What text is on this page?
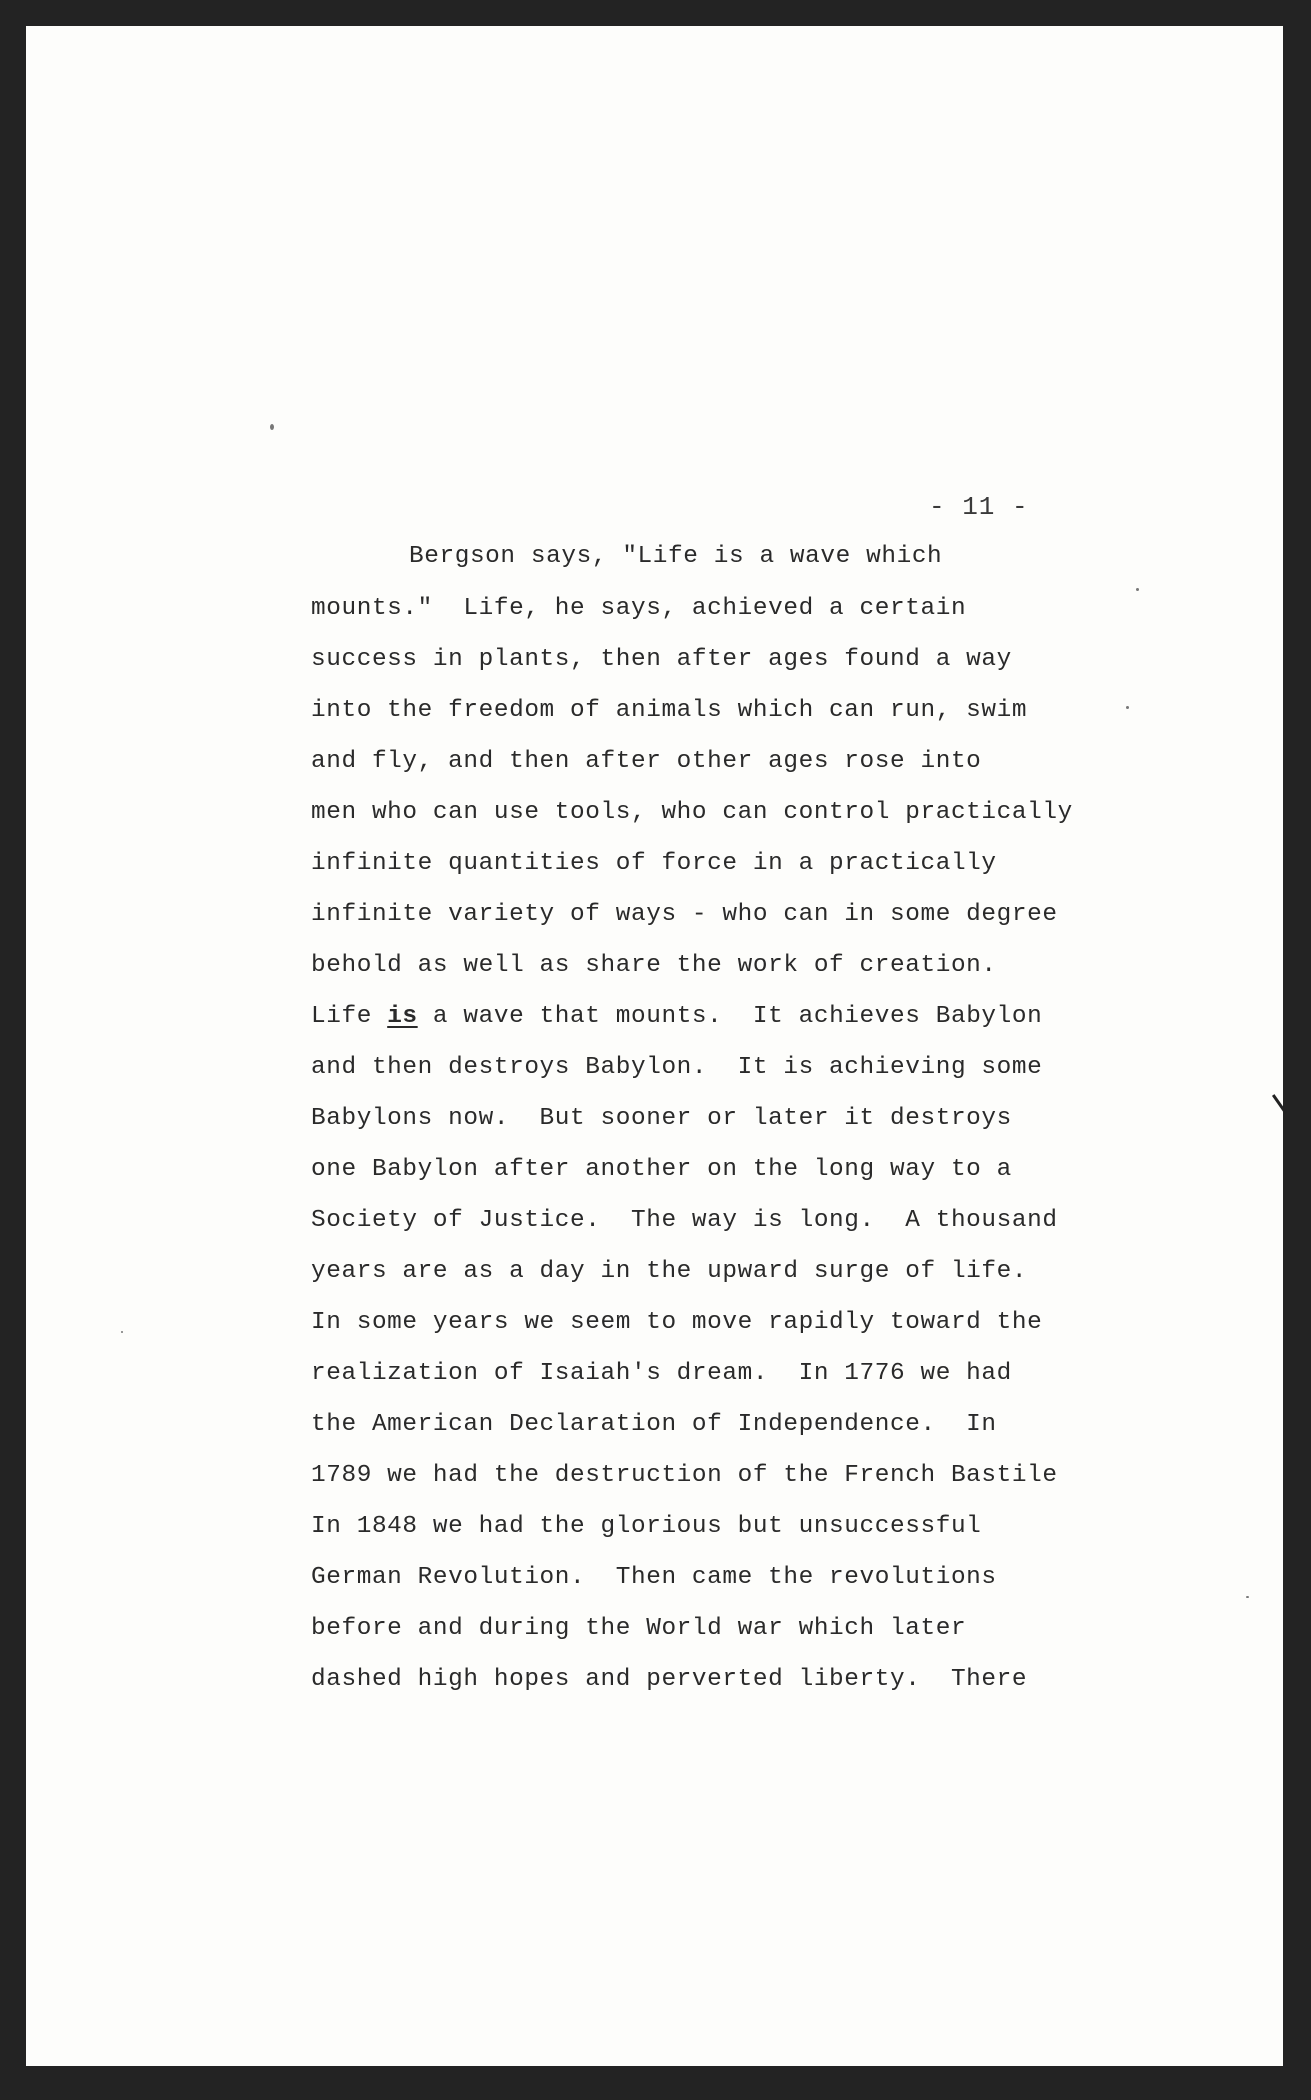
- 11 -
Bergson says, "Life is a wave which
mounts."  Life, he says, achieved a certain
success in plants, then after ages found a way
into the freedom of animals which can run, swim
and fly, and then after other ages rose into
men who can use tools, who can control practically
infinite quantities of force in a practically
infinite variety of ways - who can in some degree
behold as well as share the work of creation.
Life is a wave that mounts.  It achieves Babylon
and then destroys Babylon.  It is achieving some
Babylons now.  But sooner or later it destroys
one Babylon after another on the long way to a
Society of Justice.  The way is long.  A thousand
years are as a day in the upward surge of life.
In some years we seem to move rapidly toward the
realization of Isaiah's dream.  In 1776 we had
the American Declaration of Independence.  In
1789 we had the destruction of the French Bastile
In 1848 we had the glorious but unsuccessful
German Revolution.  Then came the revolutions
before and during the World war which later
dashed high hopes and perverted liberty.  There
